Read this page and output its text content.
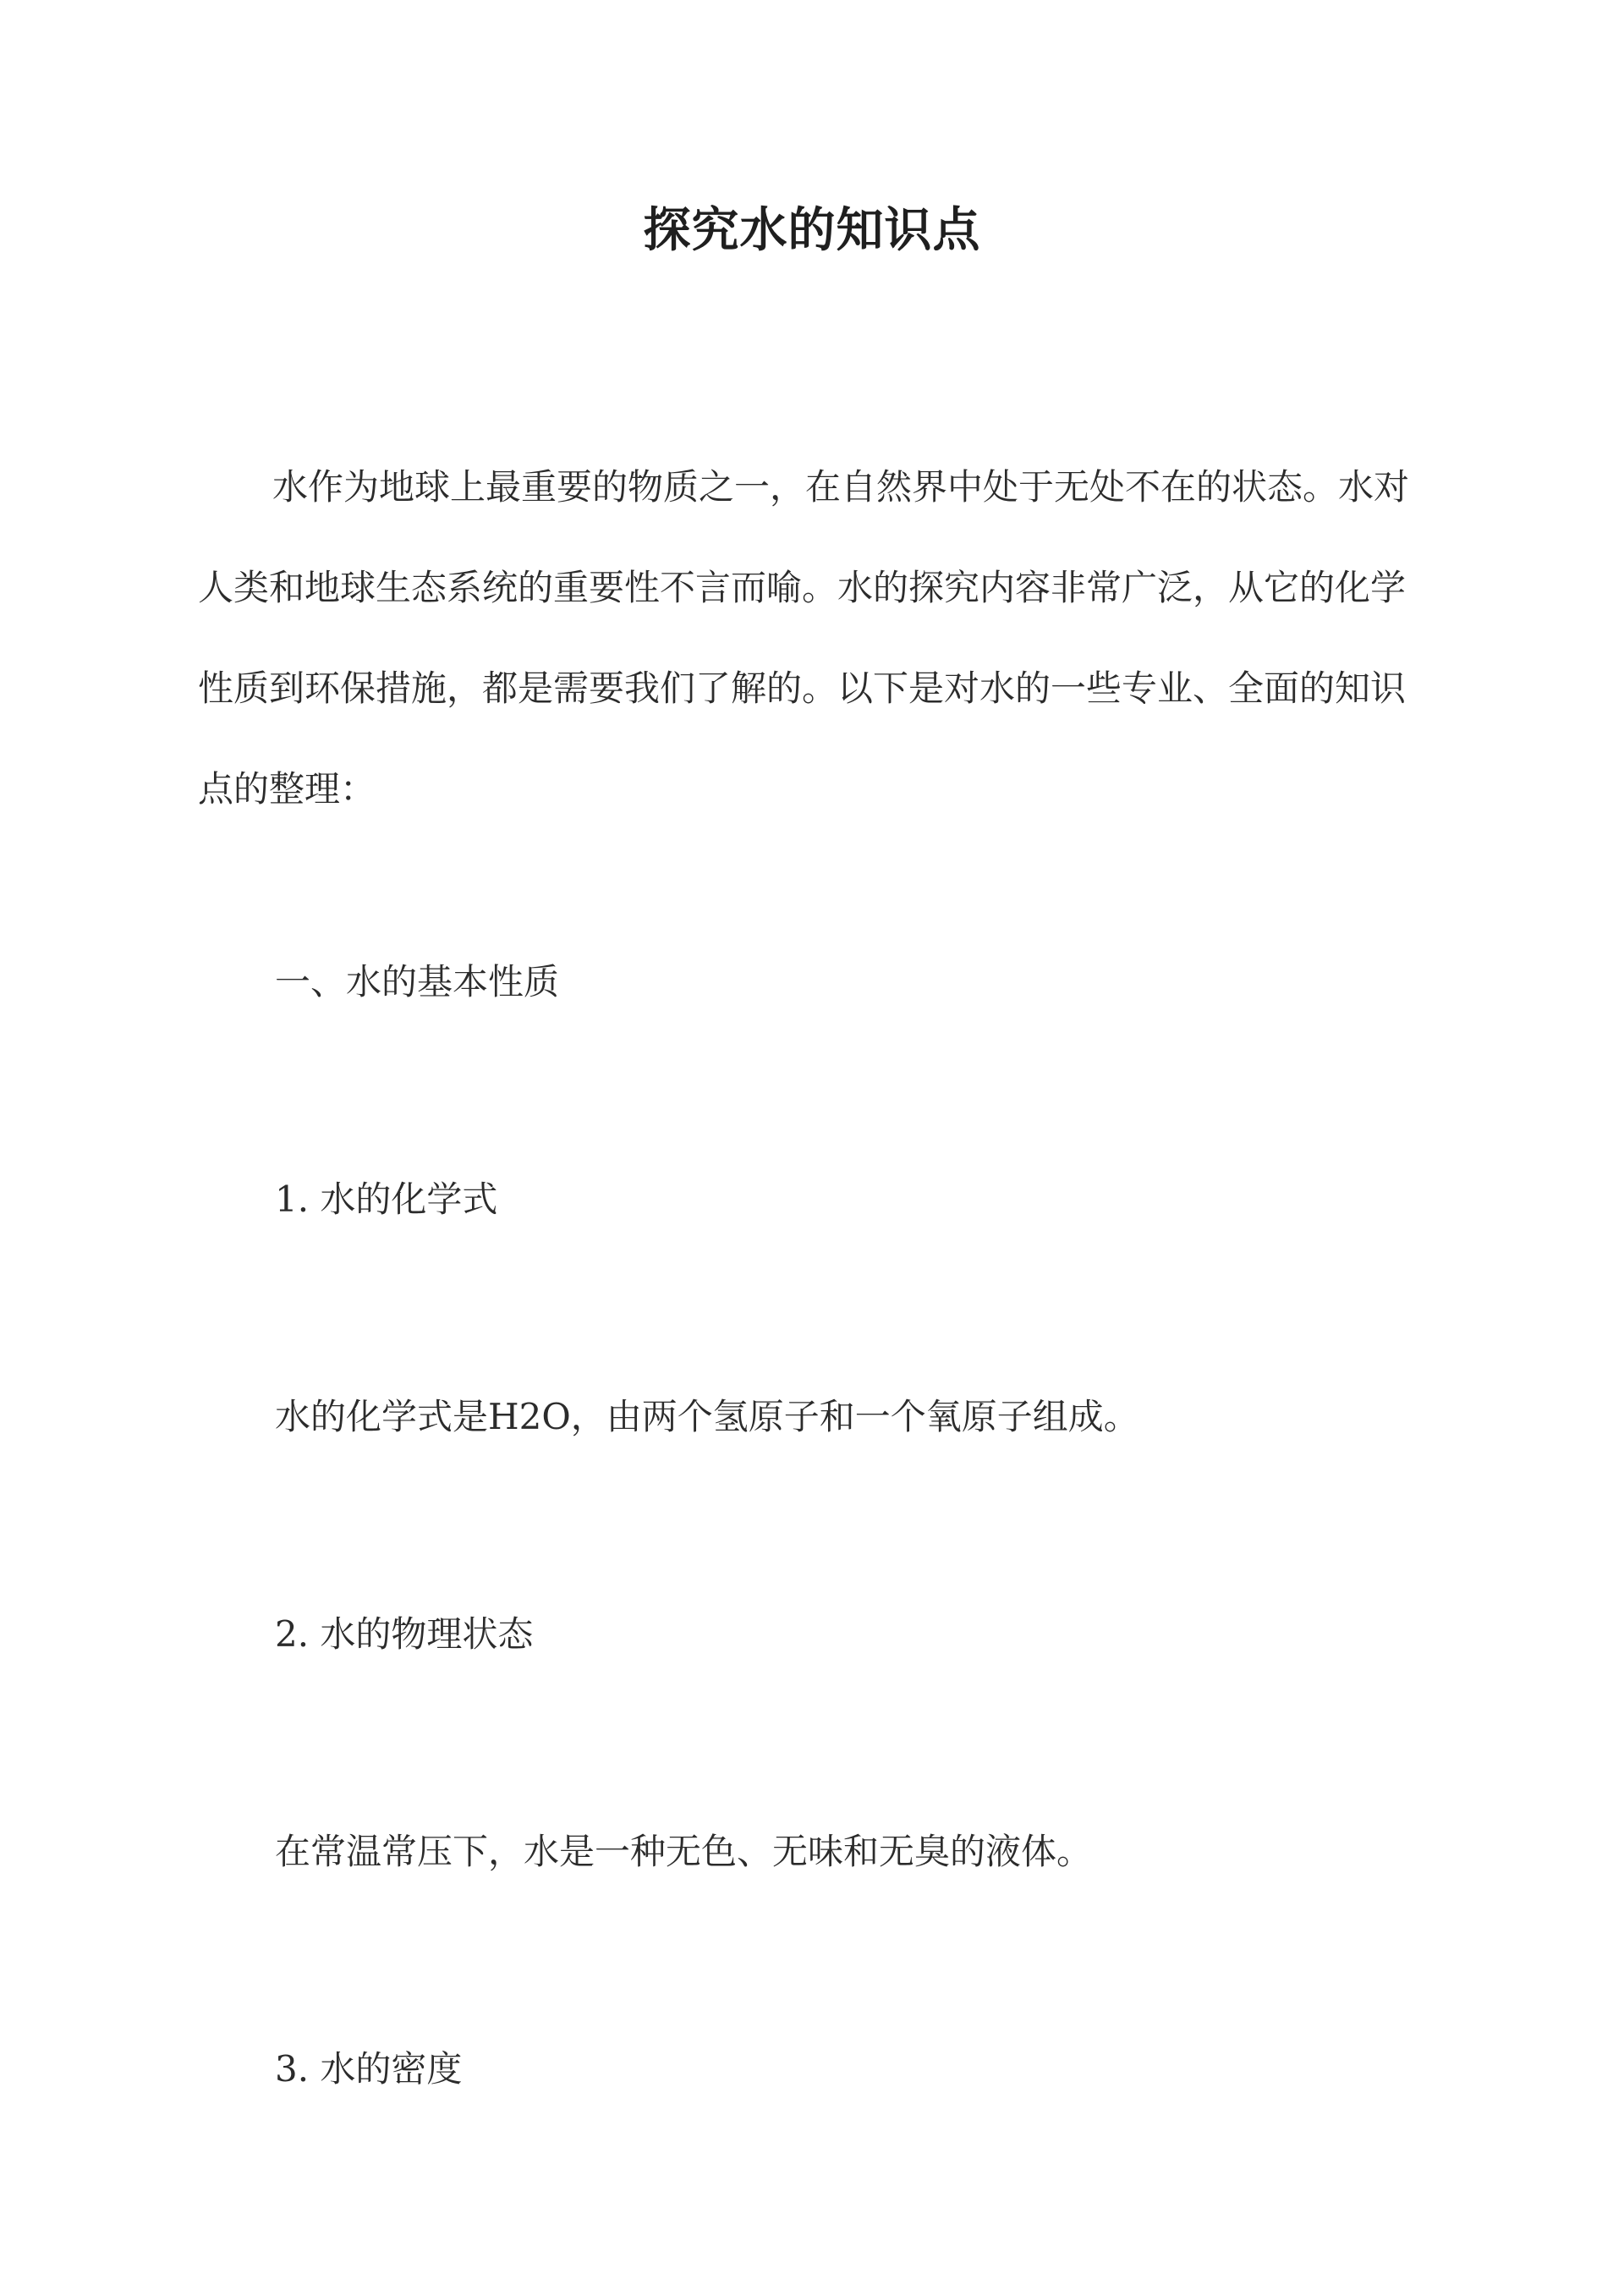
探究水的知识点

水作为地球上最重要的物质之一，在自然界中处于无处不在的状态。水对人类和地球生态系统的重要性不言而喻。水的探究内容非常广泛，从它的化学性质到环保措施，都是需要我们了解的。以下是对水的一些专业、全面的知识点的整理：

一、水的基本性质

1. 水的化学式

水的化学式是H2O，由两个氢原子和一个氧原子组成。

2. 水的物理状态

在常温常压下，水是一种无色、无味和无臭的液体。

3. 水的密度
